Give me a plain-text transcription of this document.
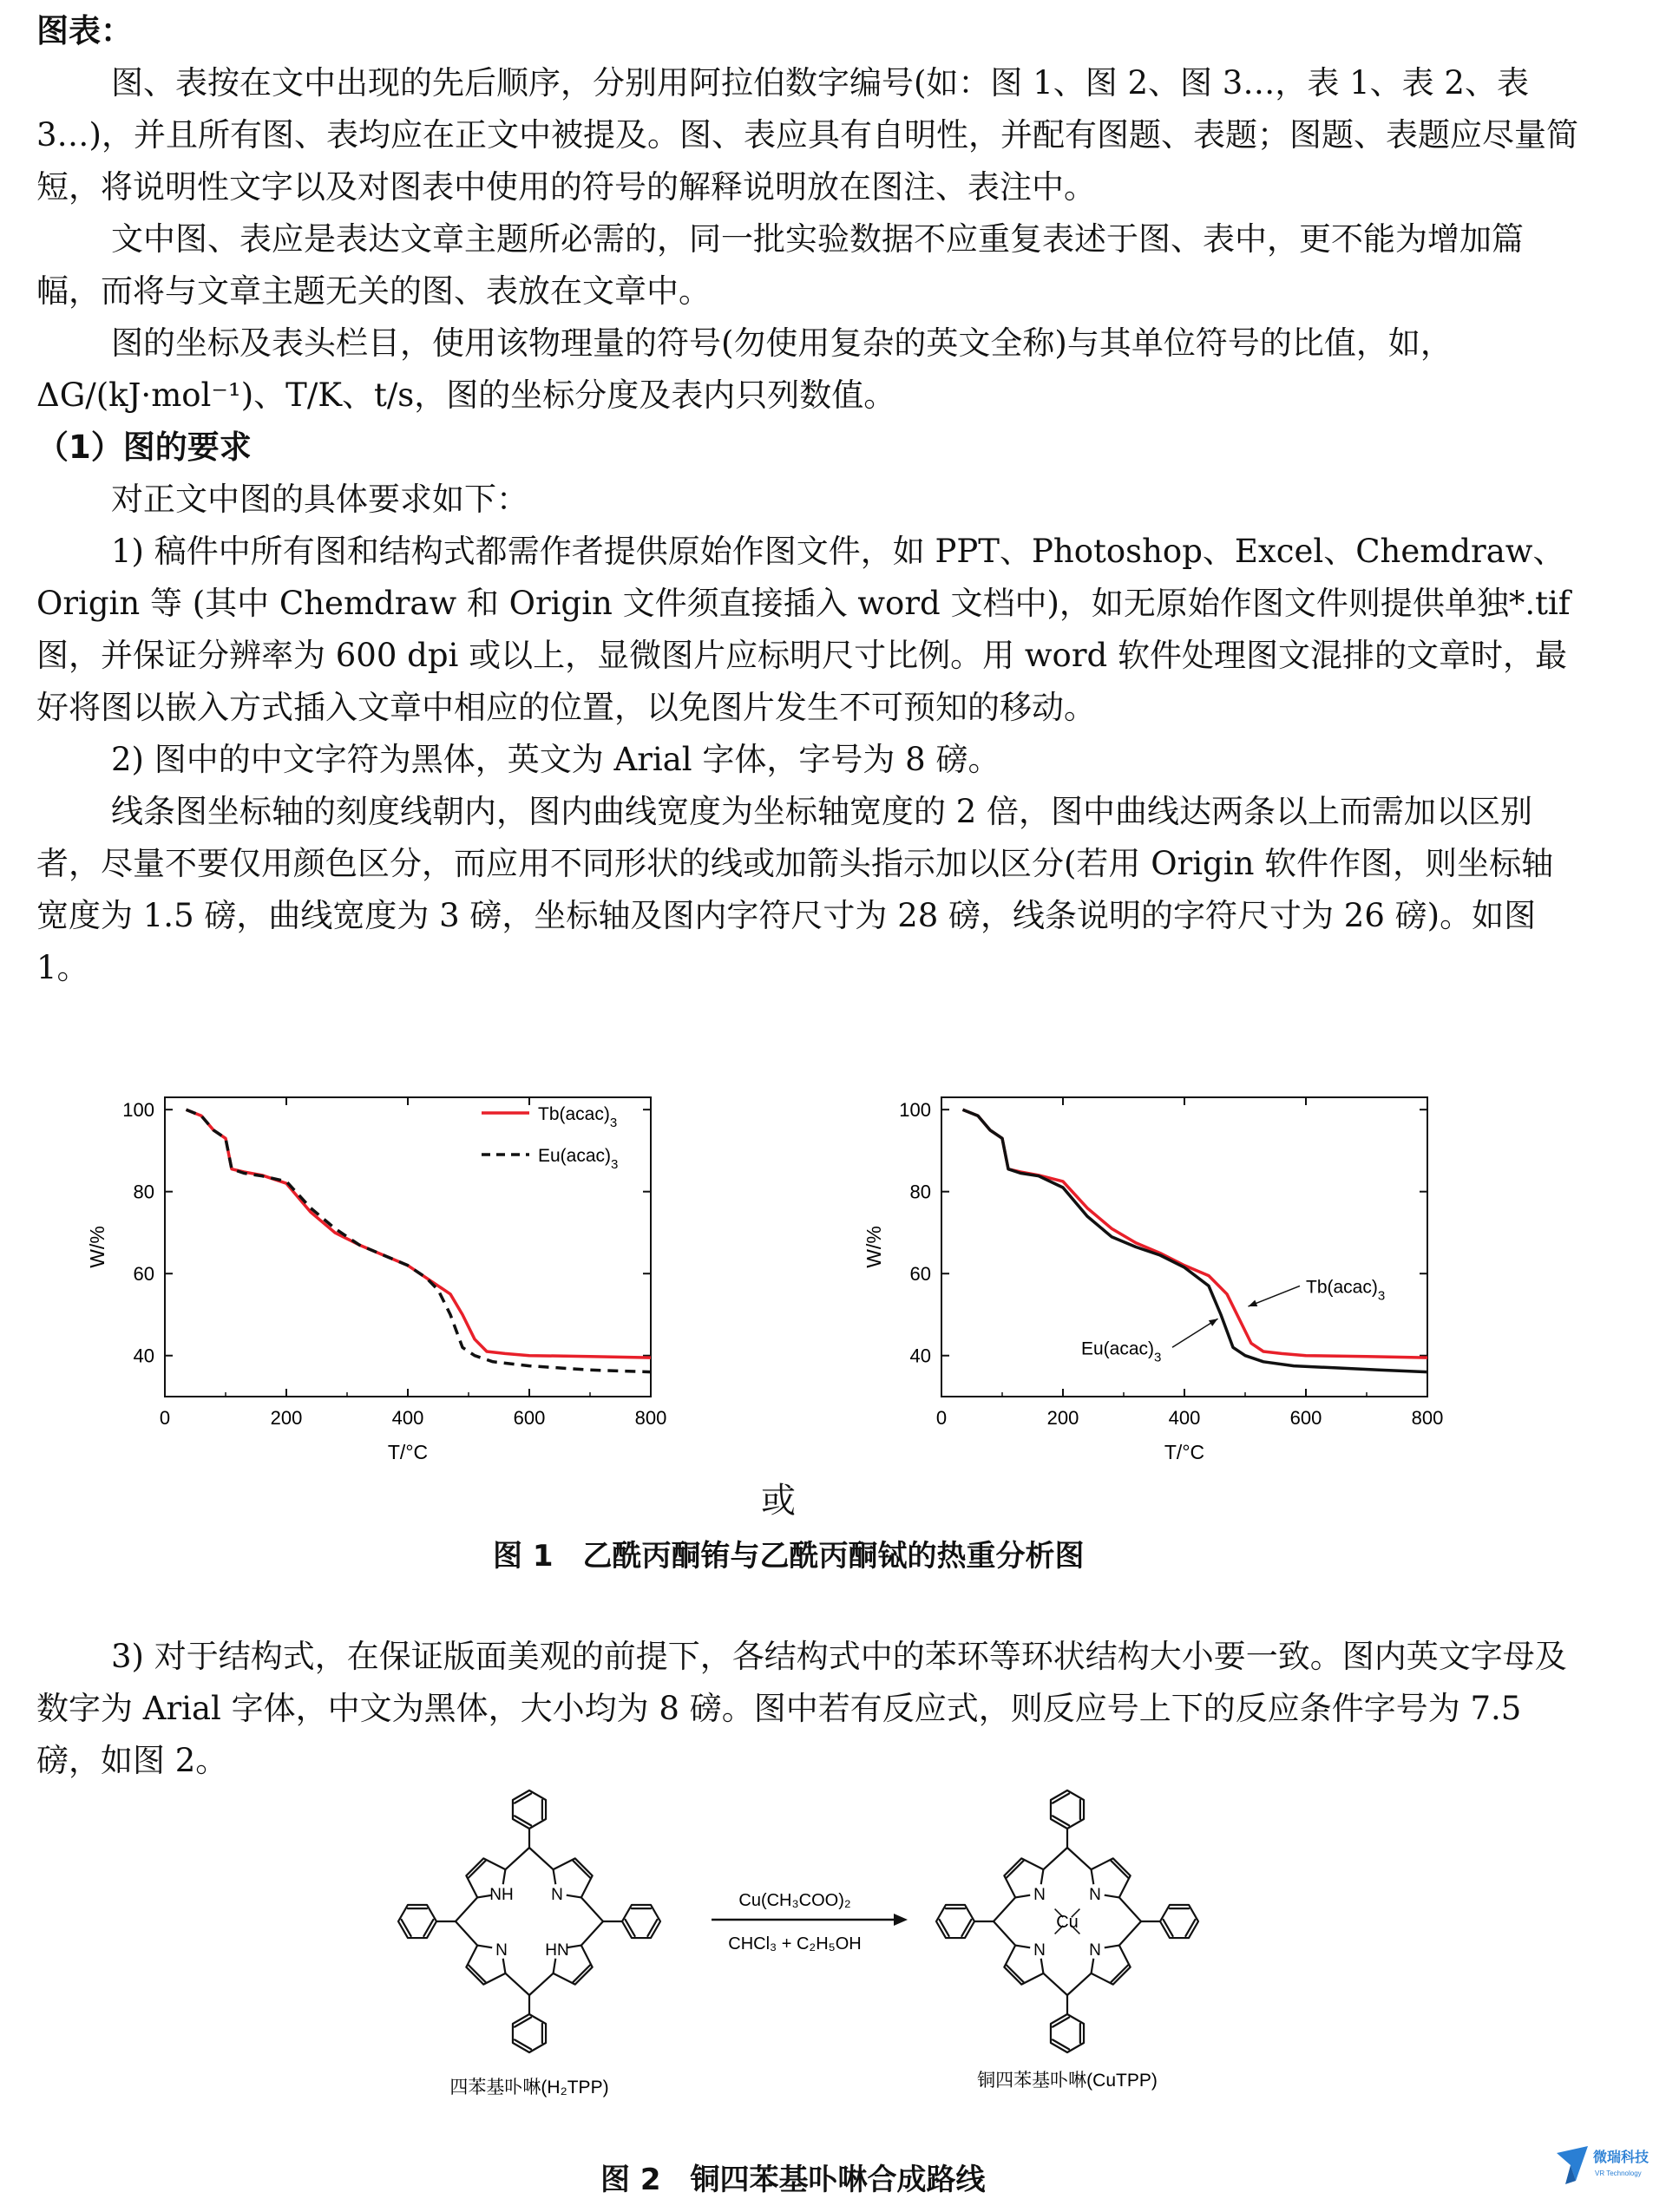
图表：

图、表按在文中出现的先后顺序，分别用阿拉伯数字编号(如：图 1、图 2、图 3…，表 1、表 2、表 3…)，并且所有图、表均应在正文中被提及。图、表应具有自明性，并配有图题、表题；图题、表题应尽量简短，将说明性文字以及对图表中使用的符号的解释说明放在图注、表注中。

文中图、表应是表达文章主题所必需的，同一批实验数据不应重复表述于图、表中，更不能为增加篇幅，而将与文章主题无关的图、表放在文章中。

图的坐标及表头栏目，使用该物理量的符号(勿使用复杂的英文全称)与其单位符号的比值，如，ΔG/(kJ·mol⁻¹)、T/K、t/s，图的坐标分度及表内只列数值。

（1）图的要求

对正文中图的具体要求如下：

1) 稿件中所有图和结构式都需作者提供原始作图文件，如 PPT、Photoshop、Excel、Chemdraw、Origin 等 (其中 Chemdraw 和 Origin 文件须直接插入 word 文档中)，如无原始作图文件则提供单独*.tif 图，并保证分辨率为 600 dpi 或以上，显微图片应标明尺寸比例。用 word 软件处理图文混排的文章时，最好将图以嵌入方式插入文章中相应的位置，以免图片发生不可预知的移动。

2) 图中的中文字符为黑体，英文为 Arial 字体，字号为 8 磅。

线条图坐标轴的刻度线朝内，图内曲线宽度为坐标轴宽度的 2 倍，图中曲线达两条以上而需加以区别者，尽量不要仅用颜色区分，而应用不同形状的线或加箭头指示加以区分(若用 Origin 软件作图，则坐标轴宽度为 1.5 磅，曲线宽度为 3 磅，坐标轴及图内字符尺寸为 28 磅，线条说明的字符尺寸为 26 磅)。如图 1。

0	200	400	600	800
40
60
80
100
T/°C
W/%
$Tb(acac)_3$
$Eu(acac)_3$
0	200	400	600	800
40
60
80
100
T/°C
W/%
$Tb(acac)_3$
$Eu(acac)_3$
或
图 1　乙酰丙酮铕与乙酰丙酮铽的热重分析图

3) 对于结构式，在保证版面美观的前提下，各结构式中的苯环等环状结构大小要一致。图内英文字母及数字为 Arial 字体，中文为黑体，大小均为 8 磅。图中若有反应式，则反应号上下的反应条件字号为 7.5 磅，如图 2。

NH N
HN
N
N	N
N
N
Cu
Cu(CH₃COO)₂
CHCl₃ + C₂H₅OH
四苯基卟啉(H₂TPP)	铜四苯基卟啉(CuTPP)
图 2　铜四苯基卟啉合成路线
微瑞科技
VR Technology
